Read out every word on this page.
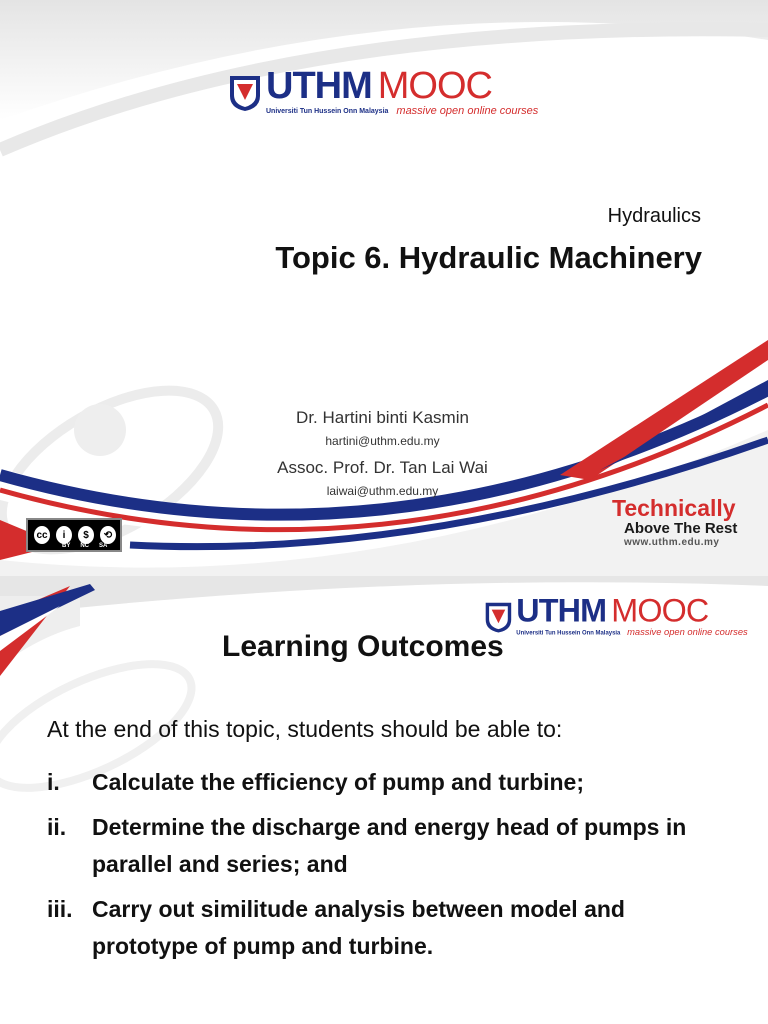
UTHM MOOC
Universiti Tun Hussein Onn Malaysia massive open online courses
Hydraulics
Topic 6. Hydraulic Machinery
Dr. Hartini binti Kasmin
hartini@uthm.edu.my
Assoc. Prof. Dr. Tan Lai Wai
laiwai@uthm.edu.my
cc	i	$	⟲
BY NC SA
Technically
Above The Rest
www.uthm.edu.my
UTHM MOOC
Universiti Tun Hussein Onn Malaysia massive open online courses
Learning Outcomes
At the end of this topic, students should be able to:
i.	Calculate the efficiency of pump and turbine;
ii.	Determine the discharge and energy head of pumps in parallel and series; and
iii. Carry out similitude analysis between model and prototype of pump and turbine.
